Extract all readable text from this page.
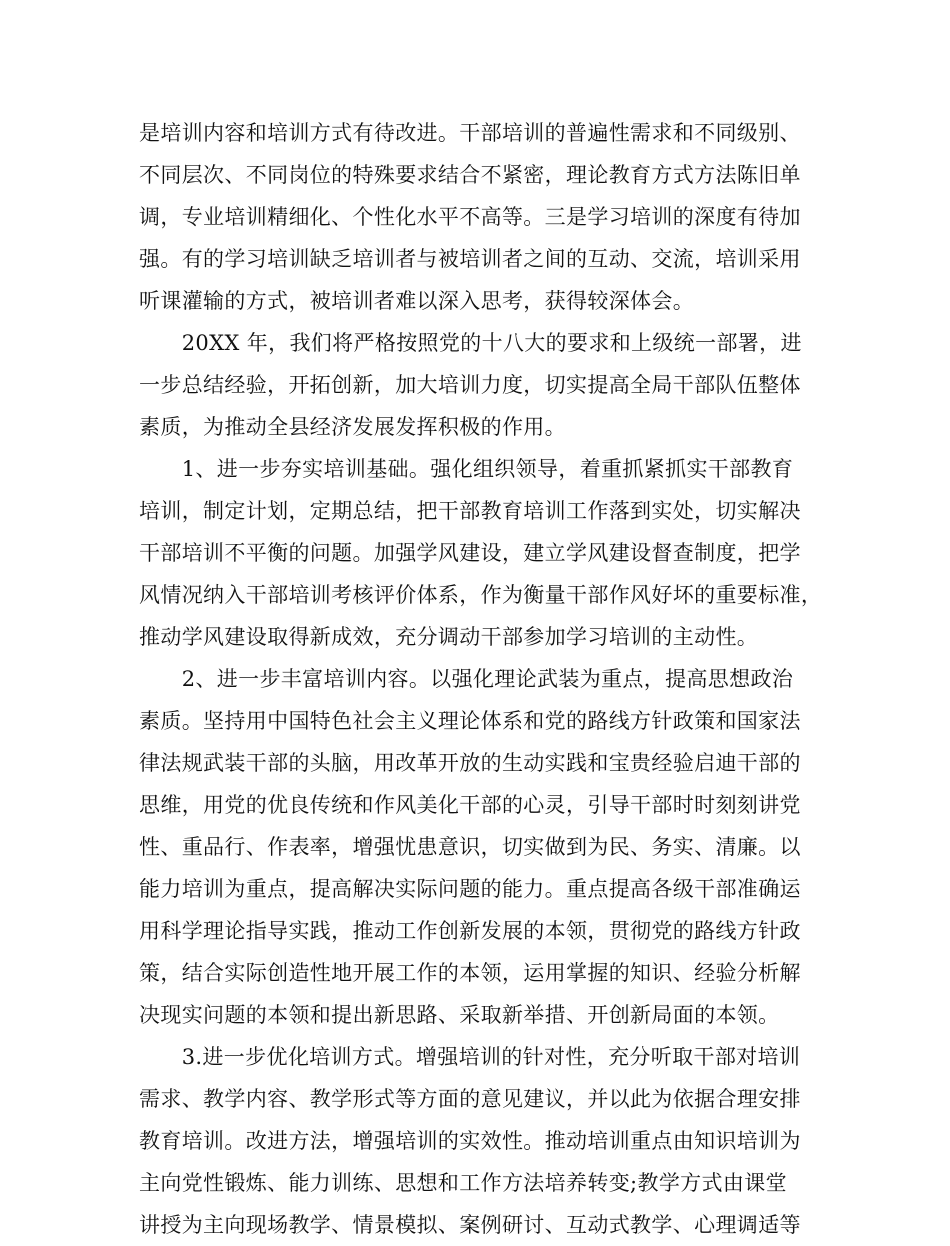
是培训内容和培训方式有待改进。干部培训的普遍性需求和不同级别、
不同层次、不同岗位的特殊要求结合不紧密，理论教育方式方法陈旧单
调，专业培训精细化、个性化水平不高等。三是学习培训的深度有待加
强。有的学习培训缺乏培训者与被培训者之间的互动、交流，培训采用
听课灌输的方式，被培训者难以深入思考，获得较深体会。
　　20XX 年，我们将严格按照党的十八大的要求和上级统一部署，进
一步总结经验，开拓创新，加大培训力度，切实提高全局干部队伍整体
素质，为推动全县经济发展发挥积极的作用。
　　1、进一步夯实培训基础。强化组织领导，着重抓紧抓实干部教育
培训，制定计划，定期总结，把干部教育培训工作落到实处，切实解决
干部培训不平衡的问题。加强学风建设，建立学风建设督查制度，把学
风情况纳入干部培训考核评价体系，作为衡量干部作风好坏的重要标准，
推动学风建设取得新成效，充分调动干部参加学习培训的主动性。
　　2、进一步丰富培训内容。以强化理论武装为重点，提高思想政治
素质。坚持用中国特色社会主义理论体系和党的路线方针政策和国家法
律法规武装干部的头脑，用改革开放的生动实践和宝贵经验启迪干部的
思维，用党的优良传统和作风美化干部的心灵，引导干部时时刻刻讲党
性、重品行、作表率，增强忧患意识，切实做到为民、务实、清廉。以
能力培训为重点，提高解决实际问题的能力。重点提高各级干部准确运
用科学理论指导实践，推动工作创新发展的本领，贯彻党的路线方针政
策，结合实际创造性地开展工作的本领，运用掌握的知识、经验分析解
决现实问题的本领和提出新思路、采取新举措、开创新局面的本领。
　　3.进一步优化培训方式。增强培训的针对性，充分听取干部对培训
需求、教学内容、教学形式等方面的意见建议，并以此为依据合理安排
教育培训。改进方法，增强培训的实效性。推动培训重点由知识培训为
主向党性锻炼、能力训练、思想和工作方法培养转变;教学方式由课堂
讲授为主向现场教学、情景模拟、案例研讨、互动式教学、心理调适等
